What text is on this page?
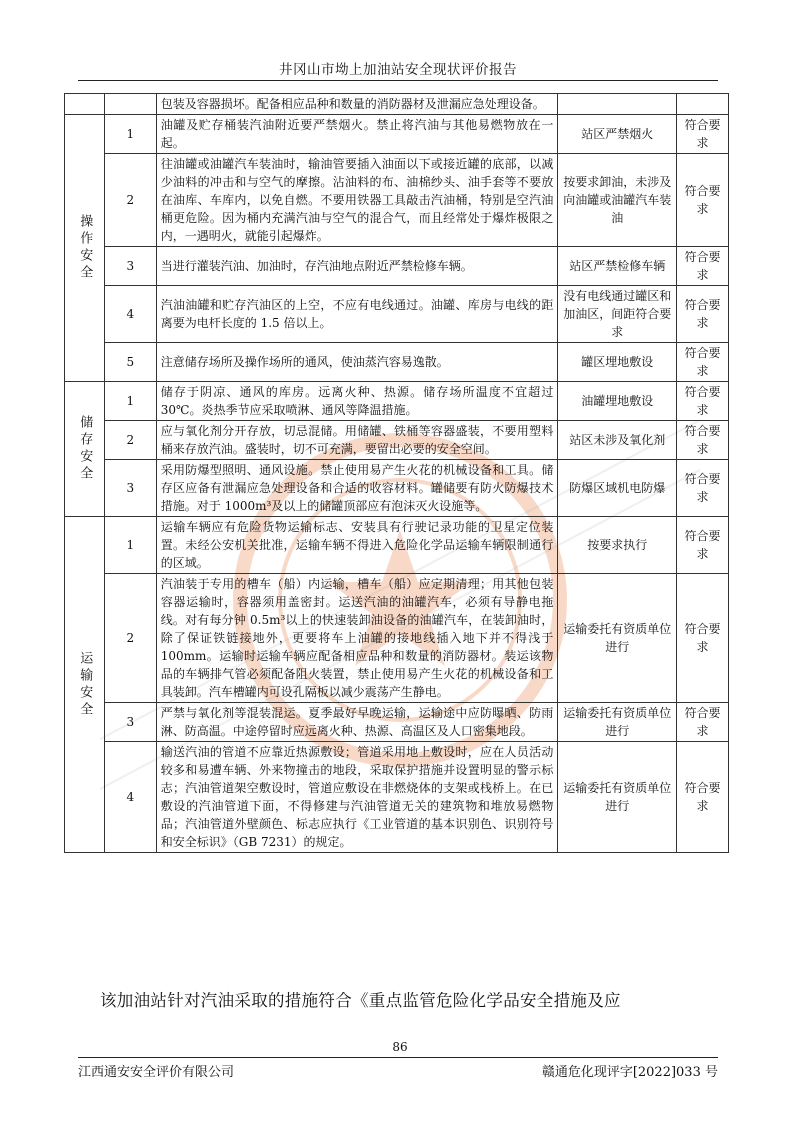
井冈山市坳上加油站安全现状评价报告
		包装及容器损坏。配备相应品种和数量的消防器材及泄漏应急处理设备。		
操作安全	1	油罐及贮存桶装汽油附近要严禁烟火。禁止将汽油与其他易燃物放在一起。	站区严禁烟火	符合要求
	2	往油罐或油罐汽车装油时，输油管要插入油面以下或接近罐的底部，以减少油料的冲击和与空气的摩擦。沾油料的布、油棉纱头、油手套等不要放在油库、车库内，以免自燃。不要用铁器工具敲击汽油桶，特别是空汽油桶更危险。因为桶内充满汽油与空气的混合气，而且经常处于爆炸极限之内，一遇明火，就能引起爆炸。	按要求卸油，未涉及向油罐或油罐汽车装油	符合要求
	3	当进行灌装汽油、加油时，存汽油地点附近严禁检修车辆。	站区严禁检修车辆	符合要求
	4	汽油油罐和贮存汽油区的上空，不应有电线通过。油罐、库房与电线的距离要为电杆长度的 1.5 倍以上。	没有电线通过罐区和加油区，间距符合要求	符合要求
	5	注意储存场所及操作场所的通风，使油蒸汽容易逸散。	罐区埋地敷设	符合要求
储存安全	1	储存于阴凉、通风的库房。远离火种、热源。储存场所温度不宜超过 30℃。炎热季节应采取喷淋、通风等降温措施。	油罐埋地敷设	符合要求
	2	应与氧化剂分开存放，切忌混储。用储罐、铁桶等容器盛装，不要用塑料桶来存放汽油。盛装时，切不可充满，要留出必要的安全空间。	站区未涉及氧化剂	符合要求
	3	采用防爆型照明、通风设施。禁止使用易产生火花的机械设备和工具。储存区应备有泄漏应急处理设备和合适的收容材料。罐储要有防火防爆技术措施。对于 1000m³及以上的储罐顶部应有泡沫灭火设施等。	防爆区域机电防爆	符合要求
运输安全	1	运输车辆应有危险货物运输标志、安装具有行驶记录功能的卫星定位装置。未经公安机关批准，运输车辆不得进入危险化学品运输车辆限制通行的区域。	按要求执行	符合要求
	2	汽油装于专用的槽车（船）内运输，槽车（船）应定期清理；用其他包装容器运输时，容器须用盖密封。运送汽油的油罐汽车，必须有导静电拖线。对有每分钟 0.5m³以上的快速装卸油设备的油罐汽车，在装卸油时，除了保证铁链接地外，更要将车上油罐的接地线插入地下并不得浅于 100mm。运输时运输车辆应配备相应品种和数量的消防器材。装运该物品的车辆排气管必须配备阻火装置，禁止使用易产生火花的机械设备和工具装卸。汽车槽罐内可设孔隔板以减少震荡产生静电。	运输委托有资质单位进行	符合要求
	3	严禁与氧化剂等混装混运。夏季最好早晚运输，运输途中应防曝晒、防雨淋、防高温。中途停留时应远离火种、热源、高温区及人口密集地段。	运输委托有资质单位进行	符合要求
	4	输送汽油的管道不应靠近热源敷设；管道采用地上敷设时，应在人员活动较多和易遭车辆、外来物撞击的地段，采取保护措施并设置明显的警示标志；汽油管道架空敷设时，管道应敷设在非燃烧体的支架或栈桥上。在已敷设的汽油管道下面，不得修建与汽油管道无关的建筑物和堆放易燃物品；汽油管道外壁颜色、标志应执行《工业管道的基本识别色、识别符号和安全标识》（GB 7231）的规定。	运输委托有资质单位进行	符合要求
该加油站针对汽油采取的措施符合《重点监管危险化学品安全措施及应
86
江西通安安全评价有限公司	赣通危化现评字[2022]033 号
